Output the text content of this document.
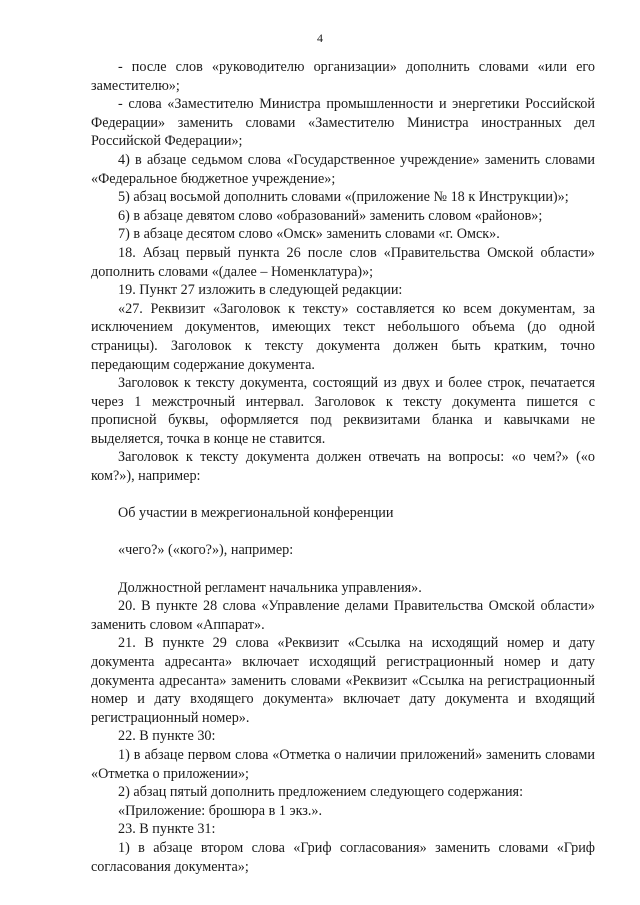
4

- после слов «руководителю организации» дополнить словами «или его заместителю»;

- слова «Заместителю Министра промышленности и энергетики Российской Федерации» заменить словами «Заместителю Министра иностранных дел Российской Федерации»;

4) в абзаце седьмом слова «Государственное учреждение» заменить словами «Федеральное бюджетное учреждение»;

5) абзац восьмой дополнить словами «(приложение № 18 к Инструкции)»;

6) в абзаце девятом слово «образований» заменить словом «районов»;

7) в абзаце десятом слово «Омск» заменить словами «г. Омск».

18. Абзац первый пункта 26 после слов «Правительства Омской области» дополнить словами «(далее – Номенклатура)»;

19. Пункт 27 изложить в следующей редакции:

«27. Реквизит «Заголовок к тексту» составляется ко всем документам, за исключением документов, имеющих текст небольшого объема (до одной страницы). Заголовок к тексту документа должен быть кратким, точно передающим содержание документа.

Заголовок к тексту документа, состоящий из двух и более строк, печатается через 1 межстрочный интервал. Заголовок к тексту документа пишется с прописной буквы, оформляется под реквизитами бланка и кавычками не выделяется, точка в конце не ставится.

Заголовок к тексту документа должен отвечать на вопросы: «о чем?» («о ком?»), например:

Об участии в межрегиональной конференции

«чего?» («кого?»), например:

Должностной регламент начальника управления».

20. В пункте 28 слова «Управление делами Правительства Омской области» заменить словом «Аппарат».

21. В пункте 29 слова «Реквизит «Ссылка на исходящий номер и дату документа адресанта» включает исходящий регистрационный номер и дату документа адресанта» заменить словами «Реквизит «Ссылка на регистрационный номер и дату входящего документа» включает дату документа и входящий регистрационный номер».

22. В пункте 30:

1) в абзаце первом слова «Отметка о наличии приложений» заменить словами «Отметка о приложении»;

2) абзац пятый дополнить предложением следующего содержания:

«Приложение: брошюра в 1 экз.».

23. В пункте 31:

1) в абзаце втором слова «Гриф согласования» заменить словами «Гриф согласования документа»;
